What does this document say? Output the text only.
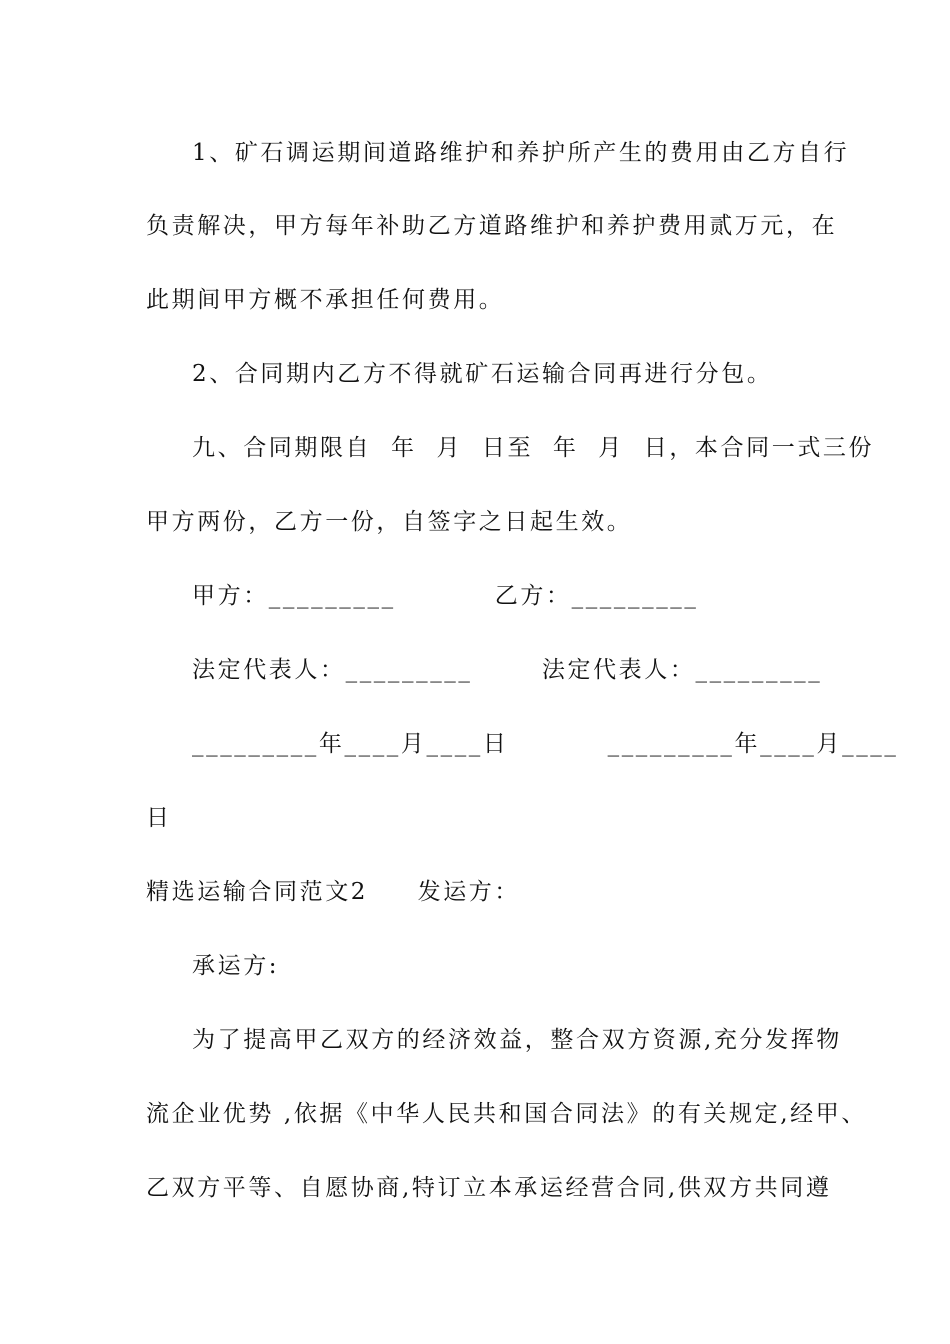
1、矿石调运期间道路维护和养护所产生的费用由乙方自行
负责解决，甲方每年补助乙方道路维护和养护费用贰万元，在
此期间甲方概不承担任何费用。
2、合同期内乙方不得就矿石运输合同再进行分包。
九、合同期限自  年  月  日至  年  月  日，本合同一式三份
甲方两份，乙方一份，自签字之日起生效。
甲方：_________          乙方：_________
法定代表人：_________       法定代表人：_________
_________年____月____日          _________年____月____
日
精选运输合同范文2     发运方：
承运方:
为了提高甲乙双方的经济效益，整合双方资源,充分发挥物
流企业优势 ,依据《中华人民共和国合同法》的有关规定,经甲、
乙双方平等、自愿协商,特订立本承运经营合同,供双方共同遵
